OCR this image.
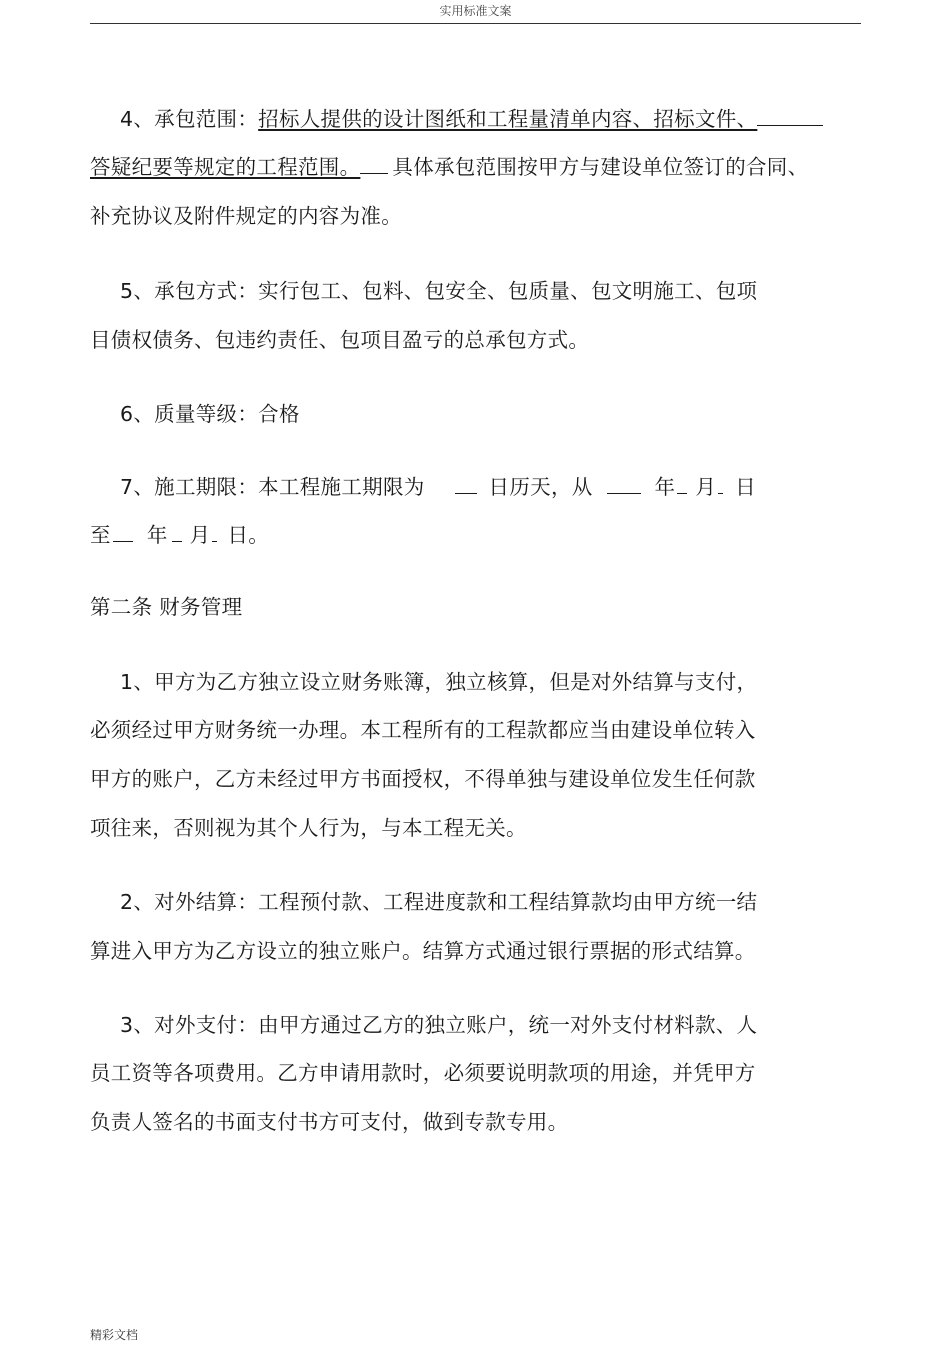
实用标准文案
4、承包范围：招标人提供的设计图纸和工程量清单内容、招标文件、
答疑纪要等规定的工程范围。 具体承包范围按甲方与建设单位签订的合同、
补充协议及附件规定的内容为准。
5、承包方式：实行包工、包料、包安全、包质量、包文明施工、包项
目债权债务、包违约责任、包项目盈亏的总承包方式。
6、质量等级：合格
7、施工期限：本工程施工期限为	日历天，从	年 月 日
至 年 月 日。
第二条 财务管理
1、甲方为乙方独立设立财务账簿，独立核算，但是对外结算与支付，
必须经过甲方财务统一办理。本工程所有的工程款都应当由建设单位转入
甲方的账户，乙方未经过甲方书面授权，不得单独与建设单位发生任何款
项往来，否则视为其个人行为，与本工程无关。
2、对外结算：工程预付款、工程进度款和工程结算款均由甲方统一结
算进入甲方为乙方设立的独立账户。结算方式通过银行票据的形式结算。
3、对外支付：由甲方通过乙方的独立账户，统一对外支付材料款、人
员工资等各项费用。乙方申请用款时，必须要说明款项的用途，并凭甲方
负责人签名的书面支付书方可支付，做到专款专用。
精彩文档
